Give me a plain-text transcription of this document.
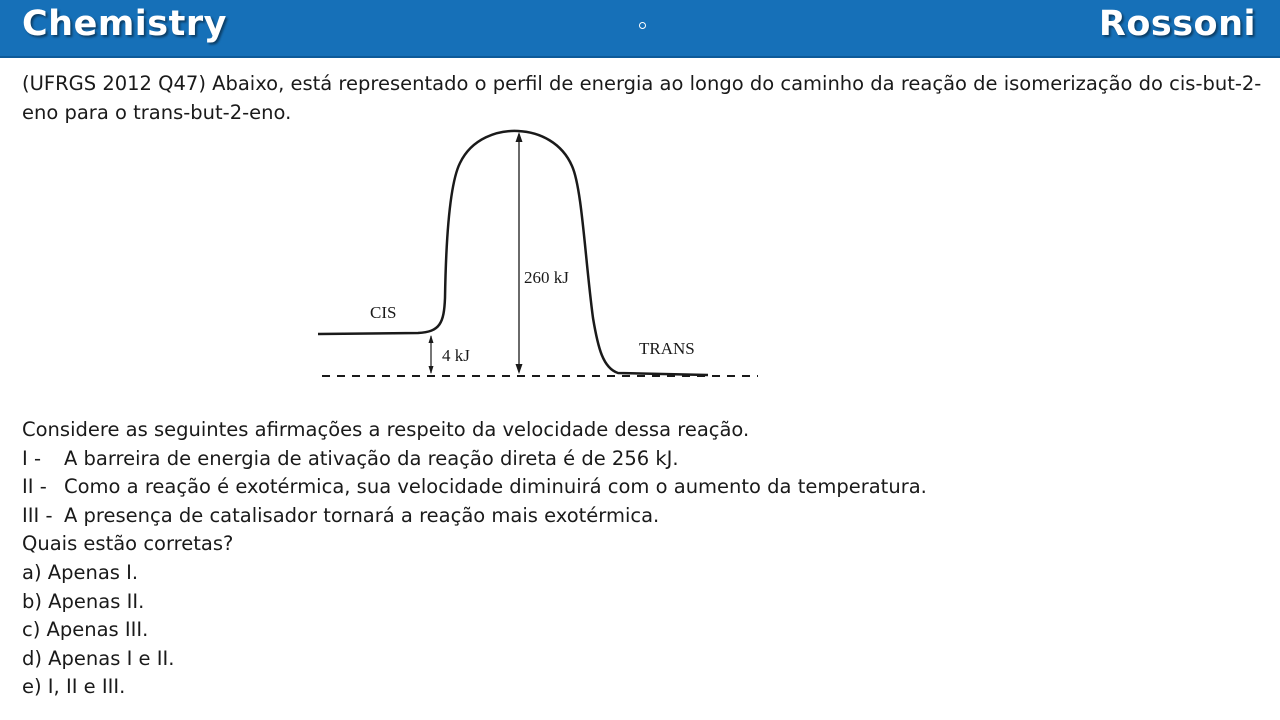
Chemistry	Rossoni

(UFRGS 2012 Q47) Abaixo, está representado o perfil de energia ao longo do caminho da reação de isomerização do cis-but-2-eno para o trans-but-2-eno.

CIS
260 kJ
4 kJ	TRANS
Considere as seguintes afirmações a respeito da velocidade dessa reação.
I - A barreira de energia de ativação da reação direta é de 256 kJ.
II - Como a reação é exotérmica, sua velocidade diminuirá com o aumento da temperatura.
III - A presença de catalisador tornará a reação mais exotérmica.
Quais estão corretas?
a) Apenas I.
b) Apenas II.
c) Apenas III.
d) Apenas I e II.
e) I, II e III.
